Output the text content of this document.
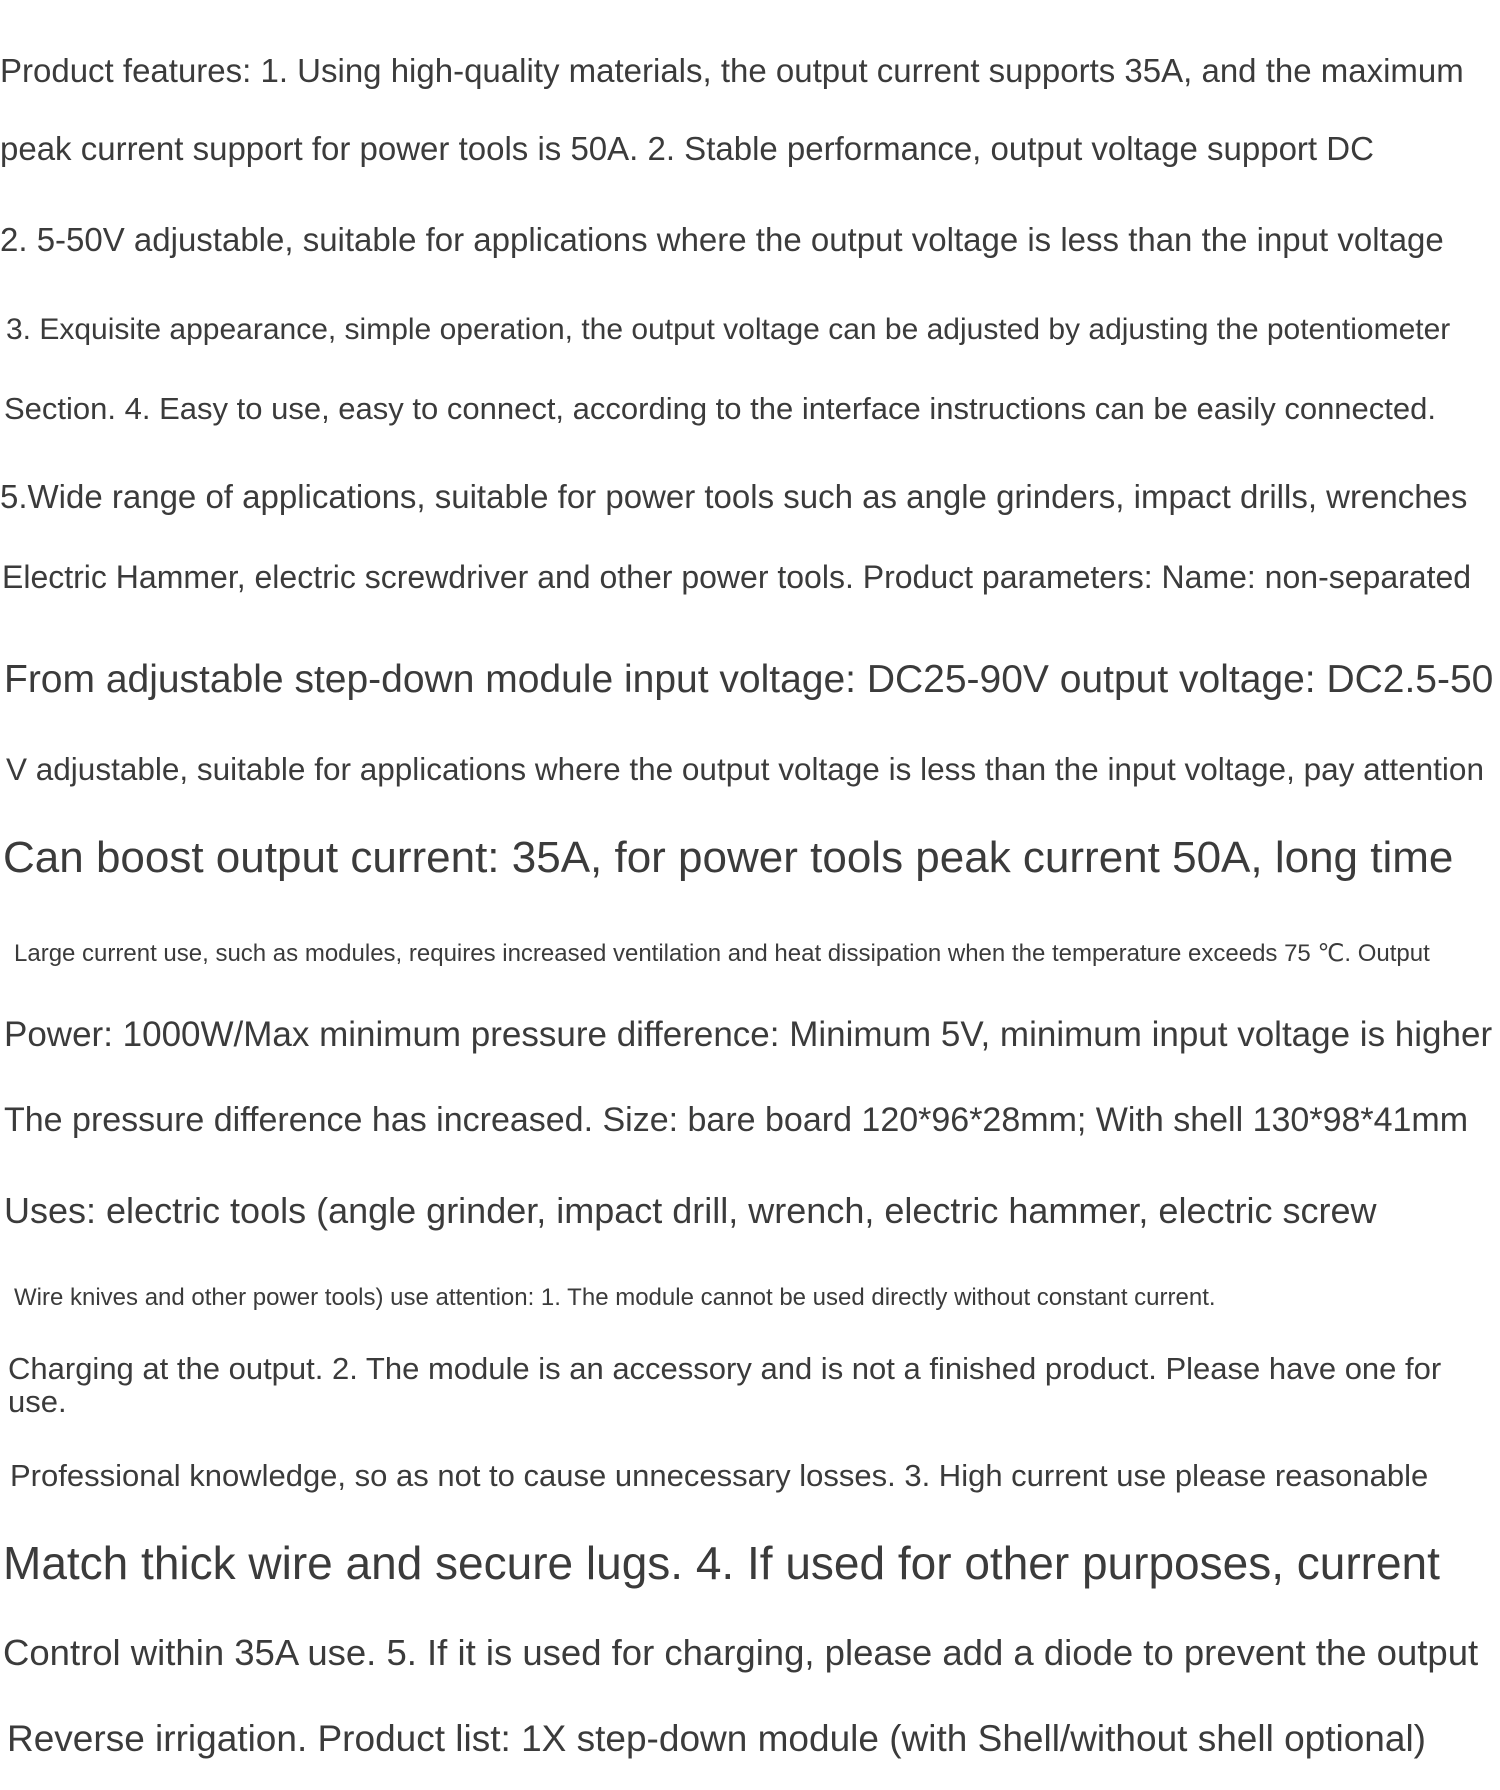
Product features: 1. Using high-quality materials, the output current supports 35A, and the maximum
peak current support for power tools is 50A. 2. Stable performance, output voltage support DC
2. 5-50V adjustable, suitable for applications where the output voltage is less than the input voltage
3. Exquisite appearance, simple operation, the output voltage can be adjusted by adjusting the potentiometer
Section. 4. Easy to use, easy to connect, according to the interface instructions can be easily connected.
5.Wide range of applications, suitable for power tools such as angle grinders, impact drills, wrenches
Electric Hammer, electric screwdriver and other power tools. Product parameters: Name: non-separated
From adjustable step-down module input voltage: DC25-90V output voltage: DC2.5-50
V adjustable, suitable for applications where the output voltage is less than the input voltage, pay attention
Can boost output current: 35A, for power tools peak current 50A, long time
Large current use, such as modules, requires increased ventilation and heat dissipation when the temperature exceeds 75 ℃. Output
Power: 1000W/Max minimum pressure difference: Minimum 5V, minimum input voltage is higher
The pressure difference has increased. Size: bare board 120*96*28mm; With shell 130*98*41mm
Uses: electric tools (angle grinder, impact drill, wrench, electric hammer, electric screw
Wire knives and other power tools) use attention: 1. The module cannot be used directly without constant current.
Charging at the output. 2. The module is an accessory and is not a finished product. Please have one for use.
Professional knowledge, so as not to cause unnecessary losses. 3. High current use please reasonable
Match thick wire and secure lugs. 4. If used for other purposes, current
Control within 35A use. 5. If it is used for charging, please add a diode to prevent the output
Reverse irrigation. Product list: 1X step-down module (with Shell/without shell optional)
